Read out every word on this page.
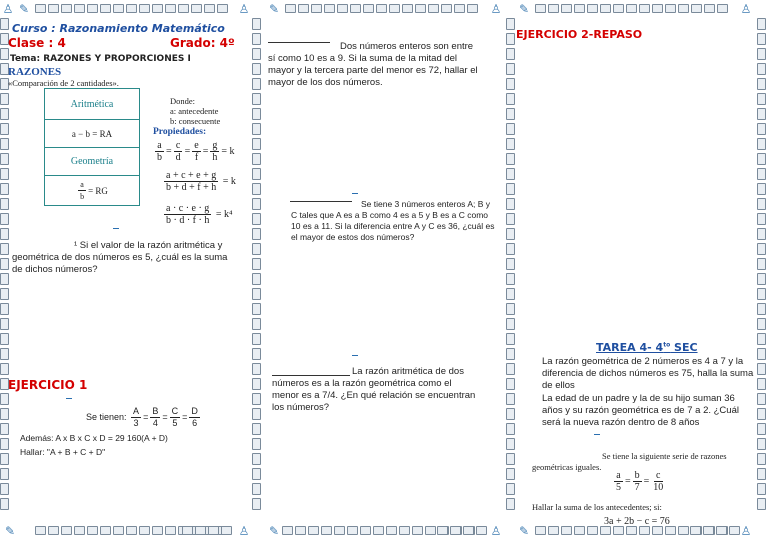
♙ ✎	♙ ✎	♙ ✎	♙
✎	♙ ✎	♙ ✎	♙
Curso : Razonamiento Matemático
Clase : 4	Grado: 4º
Tema: RAZONES Y PROPORCIONES I
RAZONES
«Comparación de 2 cantidades».
Aritmética
a − b = RA
Geometría
$\frac{a}{b}$ = RG
Donde:
a: antecedente
b: consecuente
Propiedades:
$\frac{a}{b} = \frac{c}{d} = \frac{e}{f} = \frac{g}{h} = k$
$\frac{a + c + e + g}{b + d + f + h} = k$
$\frac{a \cdot c \cdot e \cdot g}{b \cdot d \cdot f \cdot h} = k^4$
¹ Si el valor de la razón aritmética y geométrica de dos números es 5, ¿cuál es la suma de dichos números?
EJERCICIO 1
Se tienen: $\frac{A}{3} = \frac{B}{4} = \frac{C}{5} = \frac{D}{6}$
Además: A x B x C x D = 29 160(A + D)
Hallar: "A + B + C + D"
Dos números enteros son entre sí como 10 es a 9. Si la suma de la mitad del mayor y la tercera parte del menor es 72, hallar el mayor de los dos números.
Se tiene 3 números enteros A; B y C tales que A es a B como 4 es a 5 y B es a C como 10 es a 11. Si la diferencia entre A y C es 36, ¿cuál es el mayor de estos dos números?
La razón aritmética de dos números es a la razón geométrica como el menor es a 7/4. ¿En qué relación se encuentran los números?
EJERCICIO 2-REPASO
TAREA 4- $4^{to}$ SEC
La razón geométrica de 2 números es 4 a 7 y la diferencia de dichos números es 75, halla la suma de ellos
La edad de un padre y la de su hijo suman 36 años y su razón geométrica es de 7 a 2. ¿Cuál será la nueva razón dentro de 8 años
Se tiene la siguiente serie de razones geométricas iguales.
$\frac{a}{5} = \frac{b}{7} = \frac{c}{10}$
Hallar la suma de los antecedentes; si:
3a + 2b − c = 76
